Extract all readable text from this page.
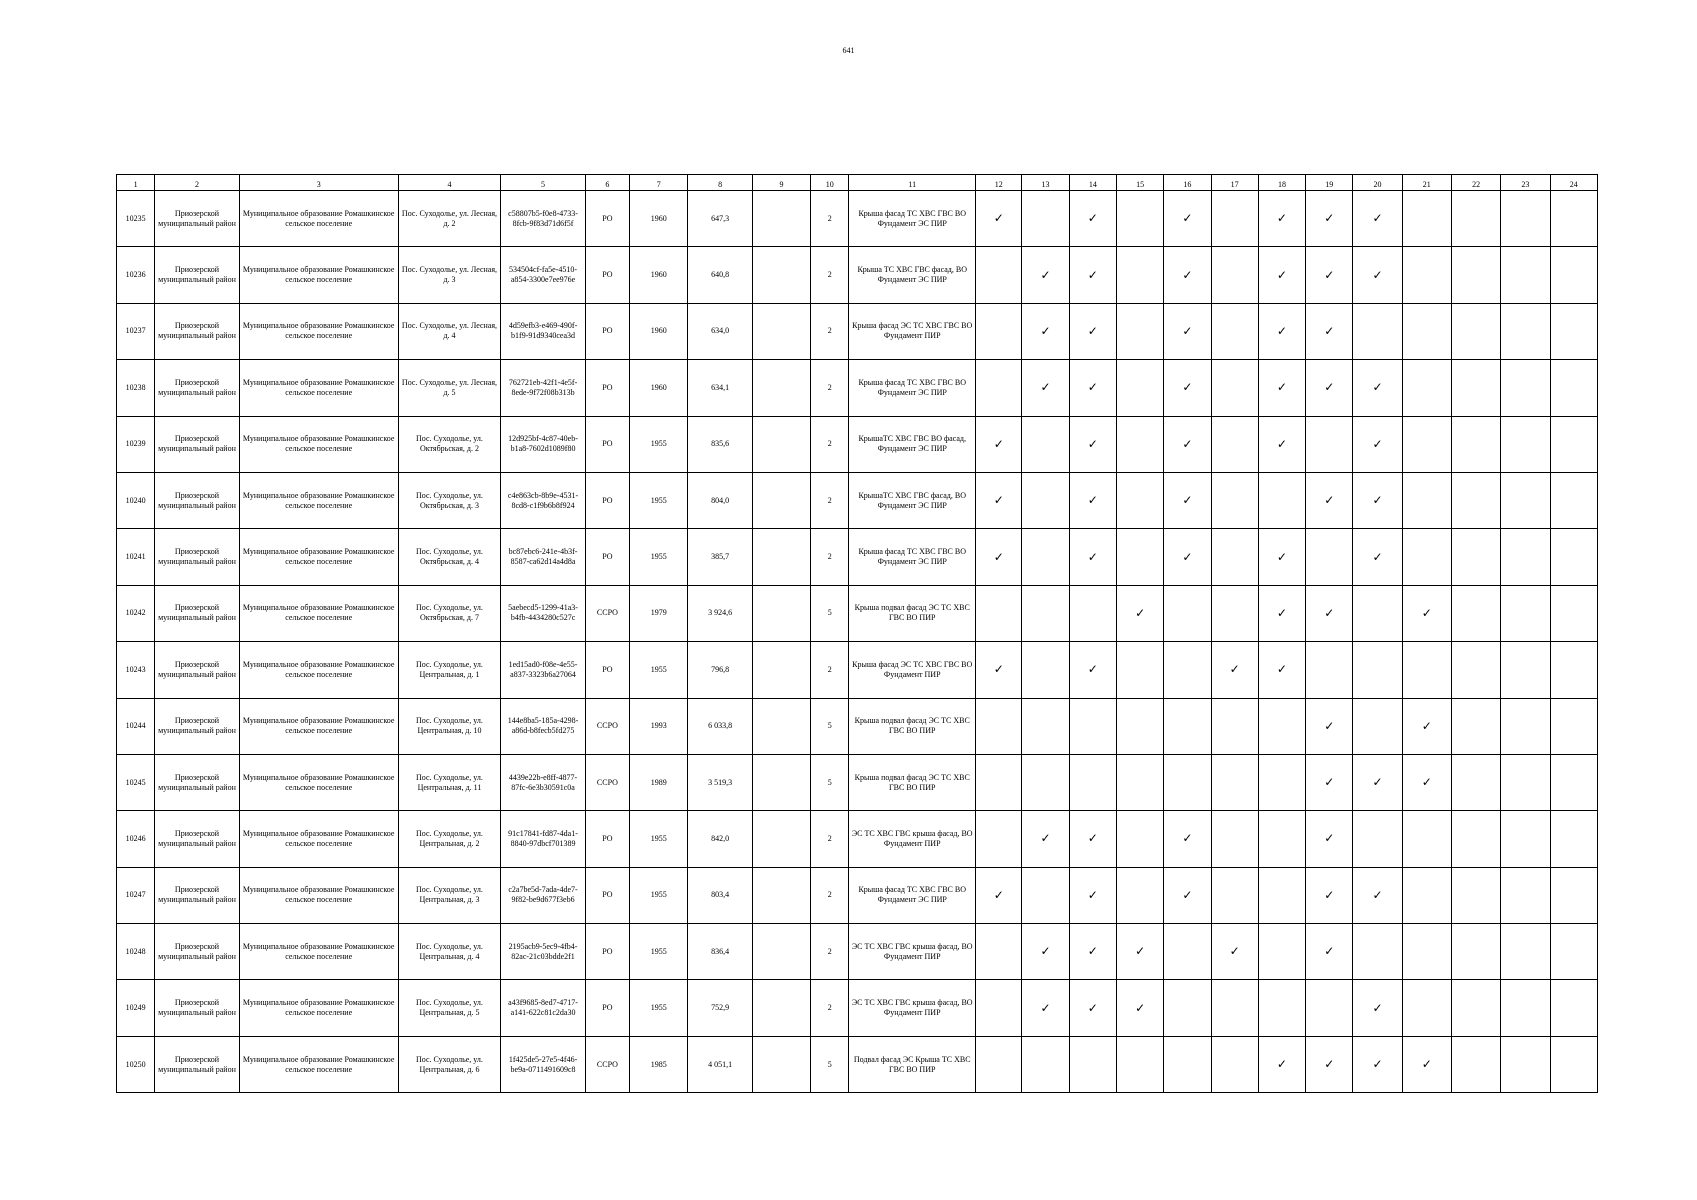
641
1	2	3	4	5	6	7	8	9	10	11	12	13	14	15	16	17	18	19	20	21	22	23	24
10235	Приозерской муниципальный район	Муниципальное образование Ромашкинское сельское поселение	Пос. Суходолье, ул. Лесная, д. 2	c58807b5-f0e8-4733-8fcb-9f83d71d6f5f	РО	1960	647,3		2	Крыша фасад ТС ХВС ГВС ВО Фундамент ЭС ПИР	✓		✓		✓		✓	✓	✓				
10236	Приозерской муниципальный район	Муниципальное образование Ромашкинское сельское поселение	Пос. Суходолье, ул. Лесная, д. 3	534504cf-fa5e-4510-a854-3300e7ee976e	РО	1960	640,8		2	Крыша ТС ХВС ГВС фасад, ВО Фундамент ЭС ПИР		✓	✓		✓		✓	✓	✓				
10237	Приозерской муниципальный район	Муниципальное образование Ромашкинское сельское поселение	Пос. Суходолье, ул. Лесная, д. 4	4d59efb3-e469-490f-b1f9-91d9340cea3d	РО	1960	634,0		2	Крыша фасад ЭС ТС ХВС ГВС ВО Фундамент ПИР		✓	✓		✓		✓	✓					
10238	Приозерской муниципальный район	Муниципальное образование Ромашкинское сельское поселение	Пос. Суходолье, ул. Лесная, д. 5	762721eb-42f1-4e5f-8ede-9f72f08b313b	РО	1960	634,1		2	Крыша фасад ТС ХВС ГВС ВО Фундамент ЭС ПИР		✓	✓		✓		✓	✓	✓				
10239	Приозерской муниципальный район	Муниципальное образование Ромашкинское сельское поселение	Пос. Суходолье, ул. Октябрьская, д. 2	12d925bf-4c87-40eb-b1a8-7602d1089f80	РО	1955	835,6		2	КрышаТС ХВС ГВС ВО фасад, Фундамент ЭС ПИР	✓		✓		✓		✓		✓				
10240	Приозерской муниципальный район	Муниципальное образование Ромашкинское сельское поселение	Пос. Суходолье, ул. Октябрьская, д. 3	c4e863cb-8b9e-4531-8cd8-c1f9b6b8f924	РО	1955	804,0		2	КрышаТС ХВС ГВС фасад, ВО Фундамент ЭС ПИР	✓		✓		✓			✓	✓				
10241	Приозерской муниципальный район	Муниципальное образование Ромашкинское сельское поселение	Пос. Суходолье, ул. Октябрьская, д. 4	bc87ebc6-241e-4b3f-8587-ca62d14a4d8a	РО	1955	385,7		2	Крыша фасад ТС ХВС ГВС ВО Фундамент ЭС ПИР	✓		✓		✓		✓		✓				
10242	Приозерской муниципальный район	Муниципальное образование Ромашкинское сельское поселение	Пос. Суходолье, ул. Октябрьская, д. 7	5aebecd5-1299-41a3-b4fb-4434280c527c	ССРО	1979	3 924,6		5	Крыша подвал фасад ЭС ТС ХВС ГВС ВО ПИР				✓			✓	✓		✓			
10243	Приозерской муниципальный район	Муниципальное образование Ромашкинское сельское поселение	Пос. Суходолье, ул. Центральная, д. 1	1ed15ad0-f08e-4e55-a837-3323b6a27064	РО	1955	796,8		2	Крыша фасад ЭС ТС ХВС ГВС ВО Фундамент ПИР	✓		✓			✓	✓						
10244	Приозерской муниципальный район	Муниципальное образование Ромашкинское сельское поселение	Пос. Суходолье, ул. Центральная, д. 10	144e8ba5-185a-4298-a86d-b8fecb5fd275	ССРО	1993	6 033,8		5	Крыша подвал фасад ЭС ТС ХВС ГВС ВО ПИР								✓		✓			
10245	Приозерской муниципальный район	Муниципальное образование Ромашкинское сельское поселение	Пос. Суходолье, ул. Центральная, д. 11	4439e22b-e8ff-4877-87fc-6e3b30591c0a	ССРО	1989	3 519,3		5	Крыша подвал фасад ЭС ТС ХВС ГВС ВО ПИР								✓	✓	✓			
10246	Приозерской муниципальный район	Муниципальное образование Ромашкинское сельское поселение	Пос. Суходолье, ул. Центральная, д. 2	91c17841-fd87-4da1-8840-97dbcf701389	РО	1955	842,0		2	ЭС ТС ХВС ГВС крыша фасад, ВО Фундамент ПИР		✓	✓		✓			✓					
10247	Приозерской муниципальный район	Муниципальное образование Ромашкинское сельское поселение	Пос. Суходолье, ул. Центральная, д. 3	c2a7be5d-7ada-4de7-9f82-be9d677f3eb6	РО	1955	803,4		2	Крыша фасад ТС ХВС ГВС ВО Фундамент ЭС ПИР	✓		✓		✓			✓	✓				
10248	Приозерской муниципальный район	Муниципальное образование Ромашкинское сельское поселение	Пос. Суходолье, ул. Центральная, д. 4	2195acb9-5ec9-4fb4-82ac-21c03bdde2f1	РО	1955	836,4		2	ЭС ТС ХВС ГВС крыша фасад, ВО Фундамент ПИР		✓	✓	✓		✓		✓					
10249	Приозерской муниципальный район	Муниципальное образование Ромашкинское сельское поселение	Пос. Суходолье, ул. Центральная, д. 5	a43f9685-8ed7-4717-a141-622c81c2da30	РО	1955	752,9		2	ЭС ТС ХВС ГВС крыша фасад, ВО Фундамент ПИР		✓	✓	✓					✓				
10250	Приозерской муниципальный район	Муниципальное образование Ромашкинское сельское поселение	Пос. Суходолье, ул. Центральная, д. 6	1f425de5-27e5-4f46-be9a-0711491609c8	ССРО	1985	4 051,1		5	Подвал фасад ЭС Крыша ТС ХВС ГВС ВО ПИР							✓	✓	✓	✓			
